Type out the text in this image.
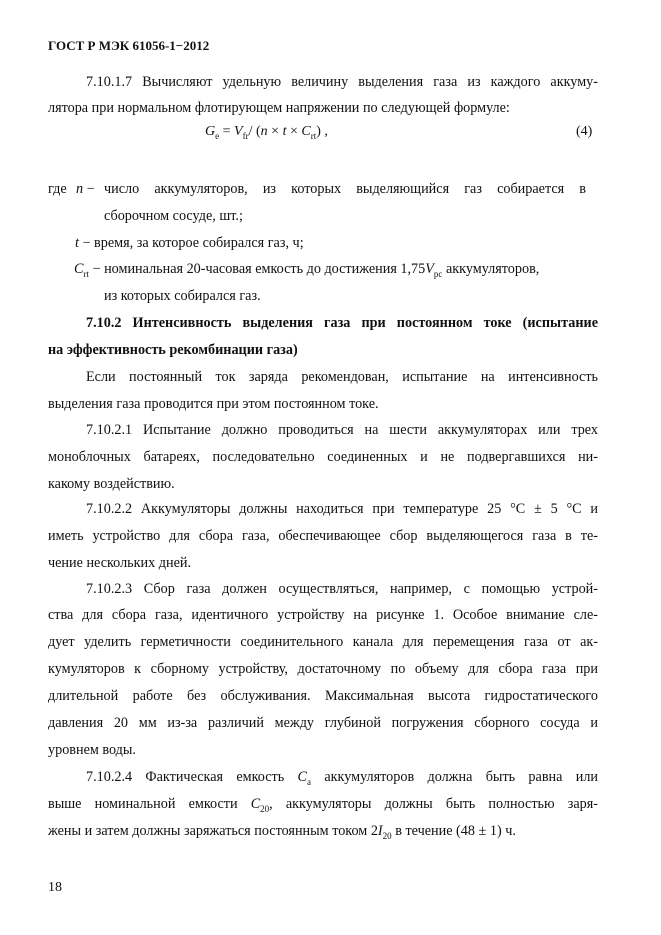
ГОСТ Р МЭК 61056-1−2012
7.10.1.7 Вычисляют удельную величину выделения газа из каждого аккуму-
лятора при нормальном флотирующем напряжении по следующей формуле:
$G_e = V_{fr}/$ $(n \times t \times C_{rt})$ ,	(4)
где n − число аккумуляторов, из которых выделяющийся газ собирается в
сборочном сосуде, шт.;
t − время, за которое собирался газ, ч;
$C_{rt}$ − номинальная 20-часовая емкость до достижения $1,75V_{pc}$ аккумуляторов,
из которых собирался газ.
7.10.2 Интенсивность выделения газа при постоянном токе (испытание
на эффективность рекомбинации газа)
Если постоянный ток заряда рекомендован, испытание на интенсивность
выделения газа проводится при этом постоянном токе.
7.10.2.1 Испытание должно проводиться на шести аккумуляторах или трех
моноблочных батареях, последовательно соединенных и не подвергавшихся ни-
какому воздействию.
7.10.2.2 Аккумуляторы должны находиться при температуре 25 °С ± 5 °С и
иметь устройство для сбора газа, обеспечивающее сбор выделяющегося газа в те-
чение нескольких дней.
7.10.2.3 Сбор газа должен осуществляться, например, с помощью устрой-
ства для сбора газа, идентичного устройству на рисунке 1. Особое внимание сле-
дует уделить герметичности соединительного канала для перемещения газа от ак-
кумуляторов к сборному устройству, достаточному по объему для сбора газа при
длительной работе без обслуживания. Максимальная высота гидростатического
давления 20 мм из-за различий между глубиной погружения сборного сосуда и
уровнем воды.
7.10.2.4 Фактическая емкость $C_a$ аккумуляторов должна быть равна или
выше номинальной емкости $C_{20}$, аккумуляторы должны быть полностью заря-
жены и затем должны заряжаться постоянным током $2I_{20}$ в течение (48 ± 1) ч.
18
